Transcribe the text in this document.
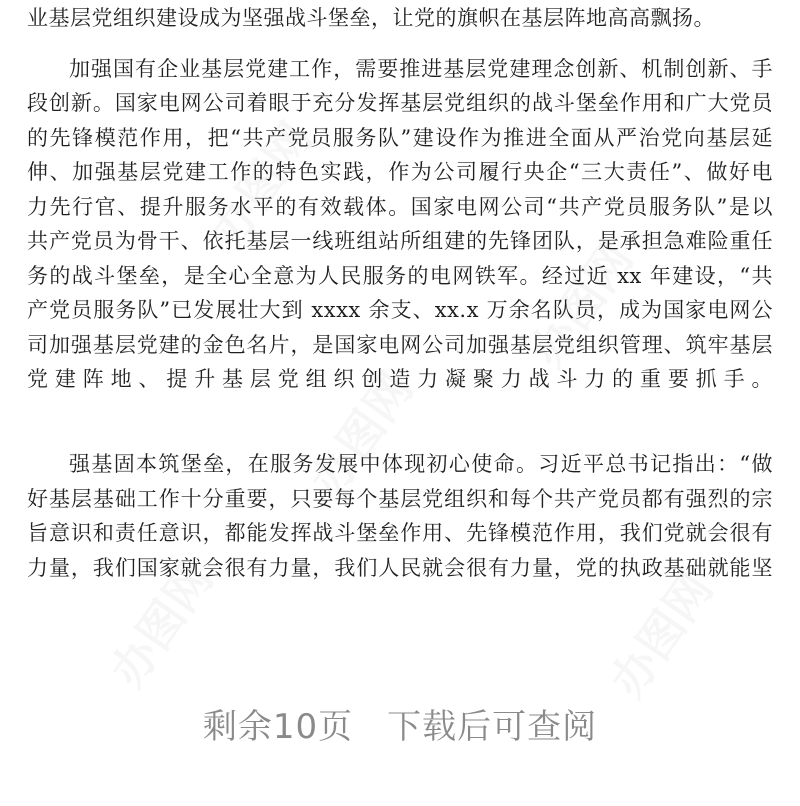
办图网
办图网
办图网
办图网	办图网
业基层党组织建设成为坚强战斗堡垒，让党的旗帜在基层阵地高高飘扬。
加强国有企业基层党建工作，需要推进基层党建理念创新、机制创新、手
段创新。国家电网公司着眼于充分发挥基层党组织的战斗堡垒作用和广大党员
的先锋模范作用，把“共产党员服务队”建设作为推进全面从严治党向基层延
伸、加强基层党建工作的特色实践，作为公司履行央企“三大责任”、做好电
力先行官、提升服务水平的有效载体。国家电网公司“共产党员服务队”是以
共产党员为骨干、依托基层一线班组站所组建的先锋团队，是承担急难险重任
务的战斗堡垒，是全心全意为人民服务的电网铁军。经过近 xx 年建设，“共
产党员服务队”已发展壮大到 xxxx 余支、xx.x 万余名队员，成为国家电网公
司加强基层党建的金色名片，是国家电网公司加强基层党组织管理、筑牢基层
党建阵地、提升基层党组织创造力凝聚力战斗力的重要抓手。
强基固本筑堡垒，在服务发展中体现初心使命。习近平总书记指出：“做
好基层基础工作十分重要，只要每个基层党组织和每个共产党员都有强烈的宗
旨意识和责任意识，都能发挥战斗堡垒作用、先锋模范作用，我们党就会很有
力量，我们国家就会很有力量，我们人民就会很有力量，党的执政基础就能坚
剩余10页 下载后可查阅
